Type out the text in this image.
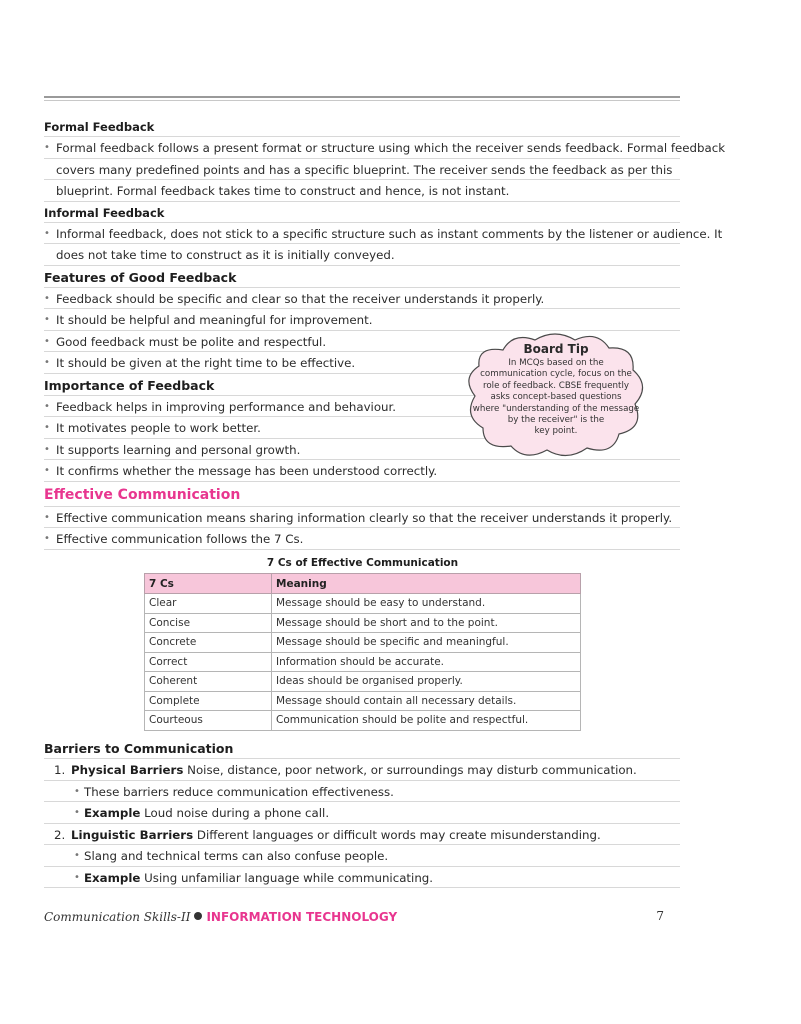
Formal Feedback
• Formal feedback follows a present format or structure using which the receiver sends feedback. Formal feedback
covers many predefined points and has a specific blueprint. The receiver sends the feedback as per this
blueprint. Formal feedback takes time to construct and hence, is not instant.
Informal Feedback
• Informal feedback, does not stick to a specific structure such as instant comments by the listener or audience. It
does not take time to construct as it is initially conveyed.
Features of Good Feedback
• Feedback should be specific and clear so that the receiver understands it properly.
• It should be helpful and meaningful for improvement.
• Good feedback must be polite and respectful.
• It should be given at the right time to be effective.
Importance of Feedback
• Feedback helps in improving performance and behaviour.
• It motivates people to work better.
• It supports learning and personal growth.
• It confirms whether the message has been understood correctly.
Effective Communication
• Effective communication means sharing information clearly so that the receiver understands it properly.
• Effective communication follows the 7 Cs.
Board Tip
In MCQs based on the
communication cycle, focus on the
role of feedback. CBSE frequently
asks concept-based questions
where "understanding of the message
by the receiver" is the
key point.
7 Cs of Effective Communication
7 Cs	Meaning
Clear	Message should be easy to understand.
Concise	Message should be short and to the point.
Concrete	Message should be specific and meaningful.
Correct	Information should be accurate.
Coherent	Ideas should be organised properly.
Complete	Message should contain all necessary details.
Courteous	Communication should be polite and respectful.
Barriers to Communication
1. Physical Barriers Noise, distance, poor network, or surroundings may disturb communication.
• These barriers reduce communication effectiveness.
• Example Loud noise during a phone call.
2. Linguistic Barriers Different languages or difficult words may create misunderstanding.
• Slang and technical terms can also confuse people.
• Example Using unfamiliar language while communicating.
Communication Skills-II INFORMATION TECHNOLOGY	7
